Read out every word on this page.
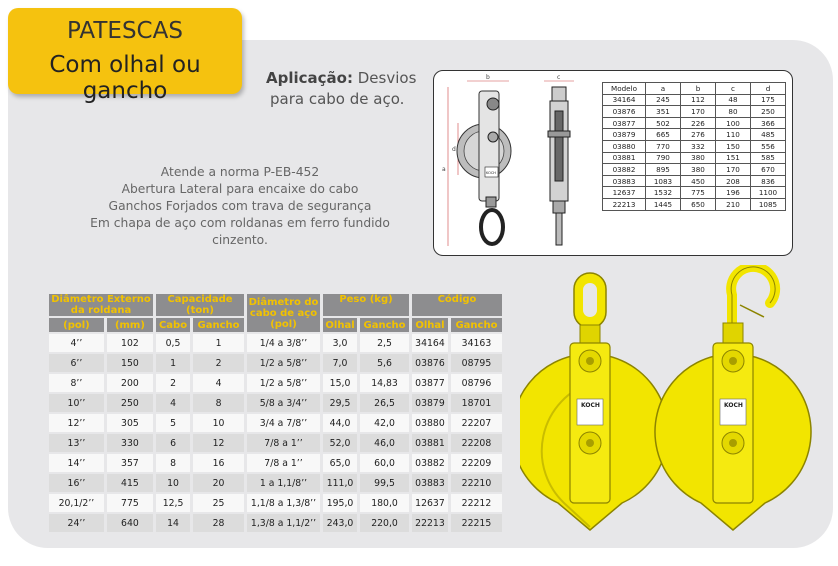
PATESCAS
Com olhal ou gancho	Aplicação: Desvios
para cabo de aço.
Atende a norma P-EB-452
Abertura Lateral para encaixe do cabo
Ganchos Forjados com trava de segurança
Em chapa de aço com roldanas em ferro fundido
cinzento.
b
a
d
KOCH
c
Modelo	a	b	c	d
34164	245	112	48	175
03876	351	170	80	250
03877	502	226	100	366
03879	665	276	110	485
03880	770	332	150	556
03881	790	380	151	585
03882	895	380	170	670
03883	1083	450	208	836
12637	1532	775	196	1100
22213	1445	650	210	1085
Diâmetro Externo da roldana		Capacidade (ton)		Diâmetro do cabo de aço (pol)	Peso (kg)		Código	
(pol)	(mm)	Cabo	Gancho		Olhal	Gancho	Olhal	Gancho
4’’	102	0,5	1	1/4 a 3/8’’	3,0	2,5	34164	34163
6’’	150	1	2	1/2 a 5/8’’	7,0	5,6	03876	08795
8’’	200	2	4	1/2 a 5/8’’	15,0	14,83	03877	08796
10’’	250	4	8	5/8 a 3/4’’	29,5	26,5	03879	18701
12’’	305	5	10	3/4 a 7/8’’	44,0	42,0	03880	22207
13’’	330	6	12	7/8 a 1’’	52,0	46,0	03881	22208
14’’	357	8	16	7/8 a 1’’	65,0	60,0	03882	22209
16’’	415	10	20	1 a 1,1/8’’	111,0	99,5	03883	22210
20,1/2’’	775	12,5	25	1,1/8 a 1,3/8’’	195,0	180,0	12637	22212
24’’	640	14	28	1,3/8 a 1,1/2’’	243,0	220,0	22213	22215
KOCH	KOCH
